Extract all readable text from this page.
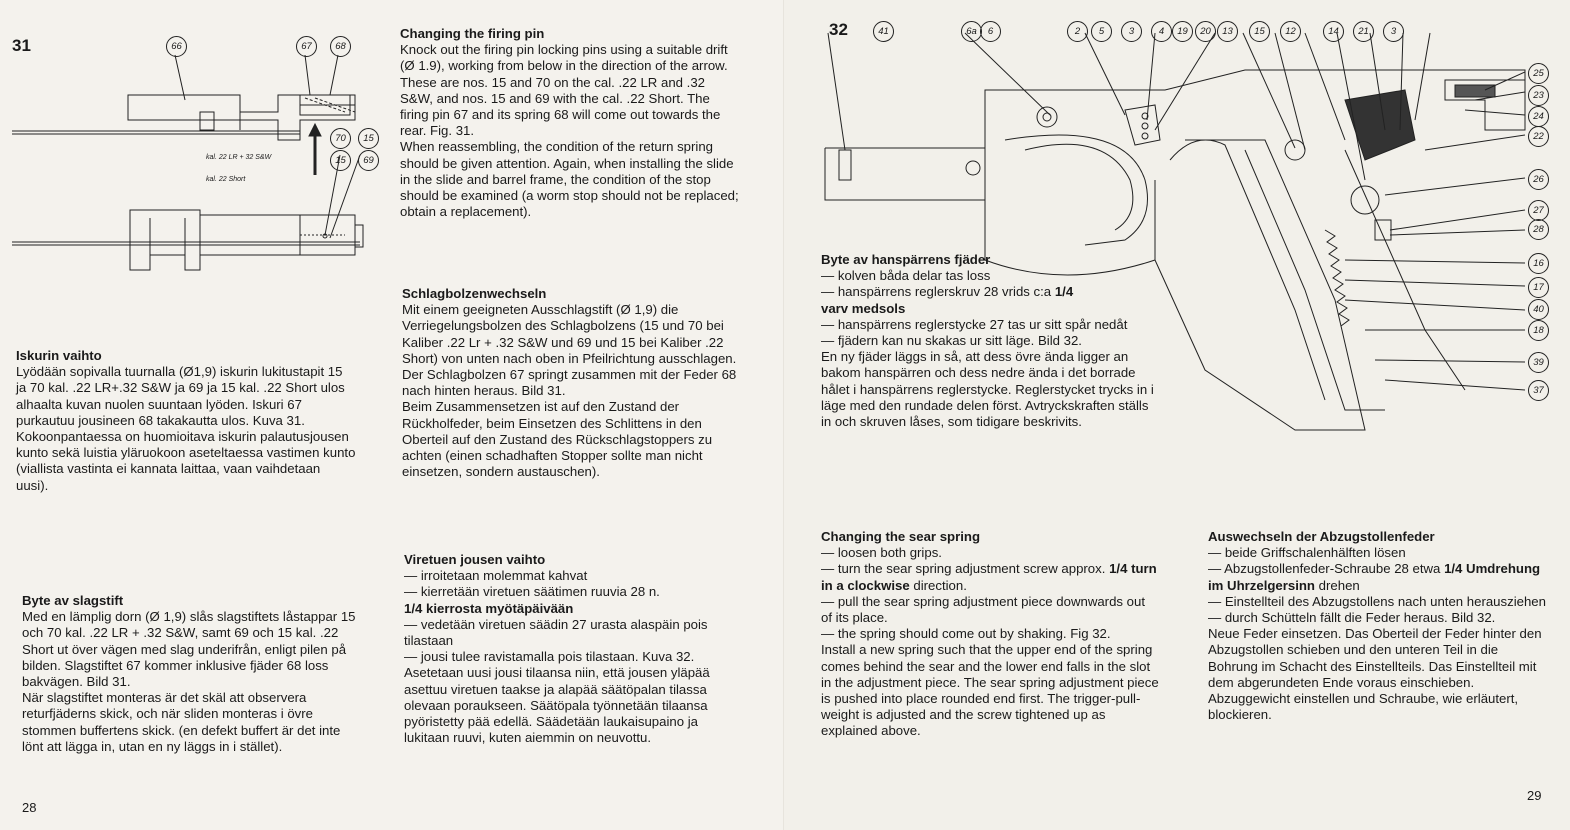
31	66	67	68
70	15
15	69
kal. 22 LR + 32 S&W
kal. 22 Short
Iskurin vaihto

Lyödään sopivalla tuurnalla (Ø1,9) iskurin lukitustapit 15 ja 70 kal. .22 LR+.32 S&W ja 69 ja 15 kal. .22 Short ulos alhaalta kuvan nuolen suuntaan lyöden. Iskuri 67 purkautuu jousineen 68 takakautta ulos. Kuva 31.

Kokoonpantaessa on huomioitava iskurin palautusjousen kunto sekä luistia yläruokoon aseteltaessa vastimen kunto (viallista vastinta ei kannata laittaa, vaan vaihdetaan uusi).

Byte av slagstift

Med en lämplig dorn (Ø 1,9) slås slagstiftets låstappar 15 och 70 kal. .22 LR + .32 S&W, samt 69 och 15 kal. .22 Short ut över vägen med slag underifrån, enligt pilen på bilden. Slagstiftet 67 kommer inklusive fjäder 68 loss bakvägen. Bild 31.

När slagstiftet monteras är det skäl att observera returfjäderns skick, och när sliden monteras i övre stommen buffertens skick. (en defekt buffert är det inte lönt att lägga in, utan en ny läggs in i stället).

28
Changing the firing pin

Knock out the firing pin locking pins using a suitable drift (Ø 1.9), working from below in the direction of the arrow. These are nos. 15 and 70 on the cal. .22 LR and .32 S&W, and nos. 15 and 69 with the cal. .22 Short. The firing pin 67 and its spring 68 will come out towards the rear. Fig. 31.

When reassembling, the condition of the return spring should be given attention. Again, when installing the slide in the slide and barrel frame, the condition of the stop should be examined (a worm stop should not be replaced; obtain a replacement).

Schlagbolzenwechseln

Mit einem geeigneten Ausschlagstift (Ø 1,9) die Verriegelungsbolzen des Schlagbolzens (15 und 70 bei Kaliber .22 Lr + .32 S&W und 69 und 15 bei Kaliber .22 Short) von unten nach oben in Pfeilrichtung ausschlagen. Der Schlagbolzen 67 springt zusammen mit der Feder 68 nach hinten heraus. Bild 31.

Beim Zusammensetzen ist auf den Zustand der Rückholfeder, beim Einsetzen des Schlittens in den Oberteil auf den Zustand des Rückschlagstoppers zu achten (einen schadhaften Stopper sollte man nicht einsetzen, sondern austauschen).

Viretuen jousen vaihto

— irroitetaan molemmat kahvat

— kierretään viretuen säätimen ruuvia 28 n.

1/4 kierrosta myötäpäivään

— vedetään viretuen säädin 27 urasta alaspäin pois tilastaan

— jousi tulee ravistamalla pois tilastaan. Kuva 32.

Asetetaan uusi jousi tilaansa niin, että jousen yläpää asettuu viretuen taakse ja alapää säätöpalan tilassa olevaan poraukseen. Säätöpala työnnetään tilaansa pyöristetty pää edellä. Säädetään laukaisupaino ja lukitaan ruuvi, kuten aiemmin on neuvottu.

32	41	6a	6	2	5	3	4	19	20	13	15	12	14	21	3
25
23
24
22
26
27
28
16
17
40
18
39
37
Byte av hanspärrens fjäder

— kolven båda delar tas loss

— hanspärrens reglerskruv 28 vrids c:a 1/4

varv medsols

— hanspärrens reglerstycke 27 tas ur sitt spår nedåt

— fjädern kan nu skakas ur sitt läge. Bild 32.

En ny fjäder läggs in så, att dess övre ända ligger an bakom hanspärren och dess nedre ända i det borrade hålet i hanspärrens reglerstycke. Reglerstycket trycks in i läge med den rundade delen först. Avtryckskraften ställs in och skruven låses, som tidigare beskrivits.

Changing the sear spring

— loosen both grips.

— turn the sear spring adjustment screw approx. 1/4 turn in a clockwise direction.

— pull the sear spring adjustment piece downwards out of its place.

— the spring should come out by shaking. Fig 32.

Install a new spring such that the upper end of the spring comes behind the sear and the lower end falls in the slot in the adjustment piece. The sear spring adjustment piece is pushed into place rounded end first. The trigger-pull-weight is adjusted and the screw tightened up as explained above.

Auswechseln der Abzugstollenfeder

— beide Griffschalenhälften lösen

— Abzugstollenfeder-Schraube 28 etwa 1/4 Umdrehung im Uhrzelgersinn drehen

— Einstellteil des Abzugstollens nach unten herausziehen

— durch Schütteln fällt die Feder heraus. Bild 32.

Neue Feder einsetzen. Das Oberteil der Feder hinter den Abzugstollen schieben und den unteren Teil in die Bohrung im Schacht des Einstellteils. Das Einstellteil mit dem abgerundeten Ende voraus einschieben. Abzuggewicht einstellen und Schraube, wie erläutert, blockieren.

29
